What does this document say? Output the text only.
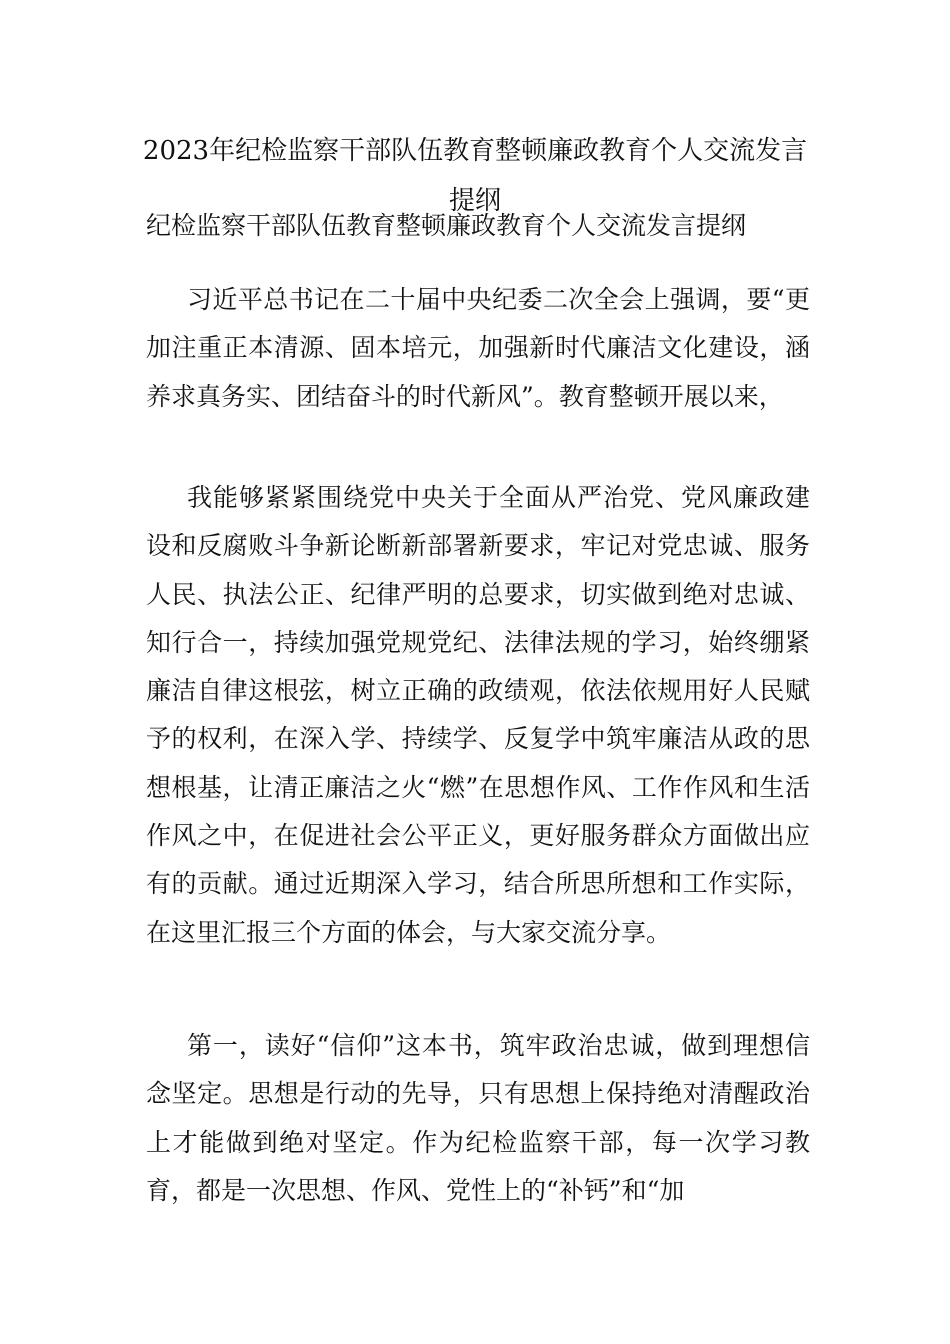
2023年纪检监察干部队伍教育整顿廉政教育个人交流发言
提纲

纪检监察干部队伍教育整顿廉政教育个人交流发言提纲

习近平总书记在二十届中央纪委二次全会上强调，要“更加注重正本清源、固本培元，加强新时代廉洁文化建设，涵养求真务实、团结奋斗的时代新风”。教育整顿开展以来，

我能够紧紧围绕党中央关于全面从严治党、党风廉政建设和反腐败斗争新论断新部署新要求，牢记对党忠诚、服务人民、执法公正、纪律严明的总要求，切实做到绝对忠诚、知行合一，持续加强党规党纪、法律法规的学习，始终绷紧廉洁自律这根弦，树立正确的政绩观，依法依规用好人民赋予的权利，在深入学、持续学、反复学中筑牢廉洁从政的思想根基，让清正廉洁之火“燃”在思想作风、工作作风和生活作风之中，在促进社会公平正义，更好服务群众方面做出应有的贡献。通过近期深入学习，结合所思所想和工作实际，在这里汇报三个方面的体会，与大家交流分享。

第一，读好“信仰”这本书，筑牢政治忠诚，做到理想信念坚定。思想是行动的先导，只有思想上保持绝对清醒政治上才能做到绝对坚定。作为纪检监察干部，每一次学习教育，都是一次思想、作风、党性上的“补钙”和“加
